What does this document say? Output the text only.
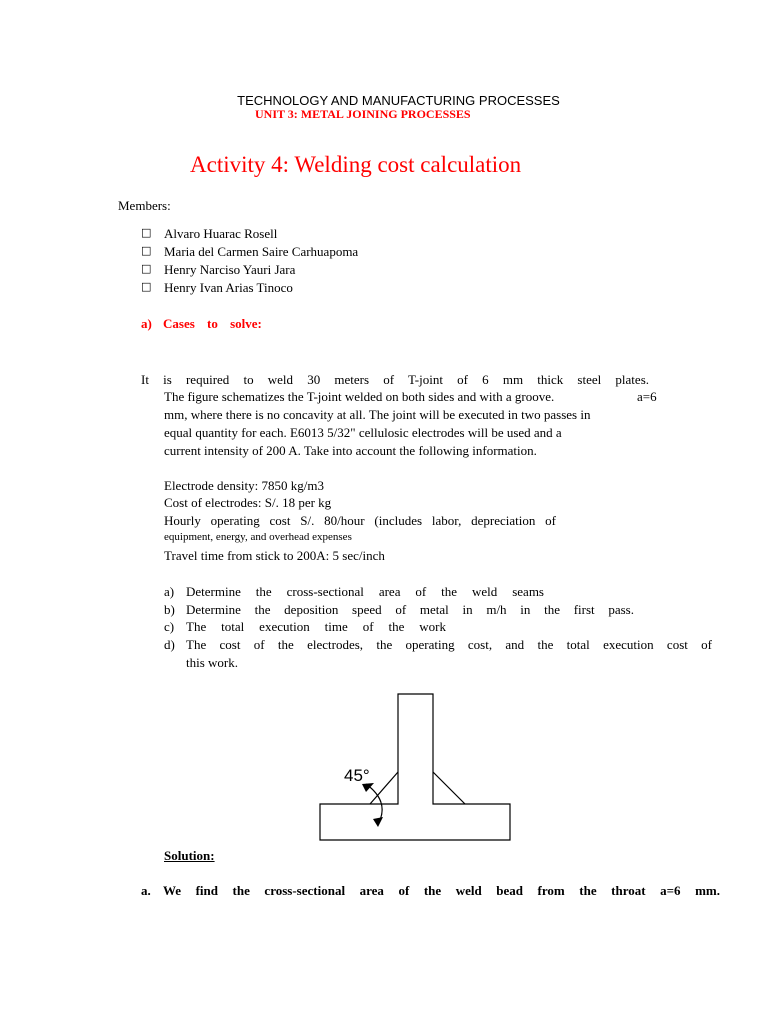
TECHNOLOGY AND MANUFACTURING PROCESSES
UNIT 3: METAL JOINING PROCESSES
Activity 4: Welding cost calculation
Members:
□ Alvaro Huarac Rosell
□ Maria del Carmen Saire Carhuapoma
□ Henry Narciso Yauri Jara
□ Henry Ivan Arias Tinoco
a) Cases to solve:
It is required to weld 30 meters of T-joint of 6 mm thick steel plates.
The figure schematizes the T-joint welded on both sides and with a groove.	a=6
mm, where there is no concavity at all. The joint will be executed in two passes in
equal quantity for each. E6013 5/32" cellulosic electrodes will be used and a
current intensity of 200 A. Take into account the following information.
Electrode density: 7850 kg/m3
Cost of electrodes: S/. 18 per kg
Hourly operating cost S/. 80/hour (includes labor, depreciation of
equipment, energy, and overhead expenses
Travel time from stick to 200A: 5 sec/inch
a) Determine the cross-sectional area of the weld seams
b) Determine the deposition speed of metal in m/h in the first pass.
c) The total execution time of the work
d) The cost of the electrodes, the operating cost, and the total execution cost of
this work.
45°
Solution:
a. We find the cross-sectional area of the weld bead from the throat a=6 mm.
